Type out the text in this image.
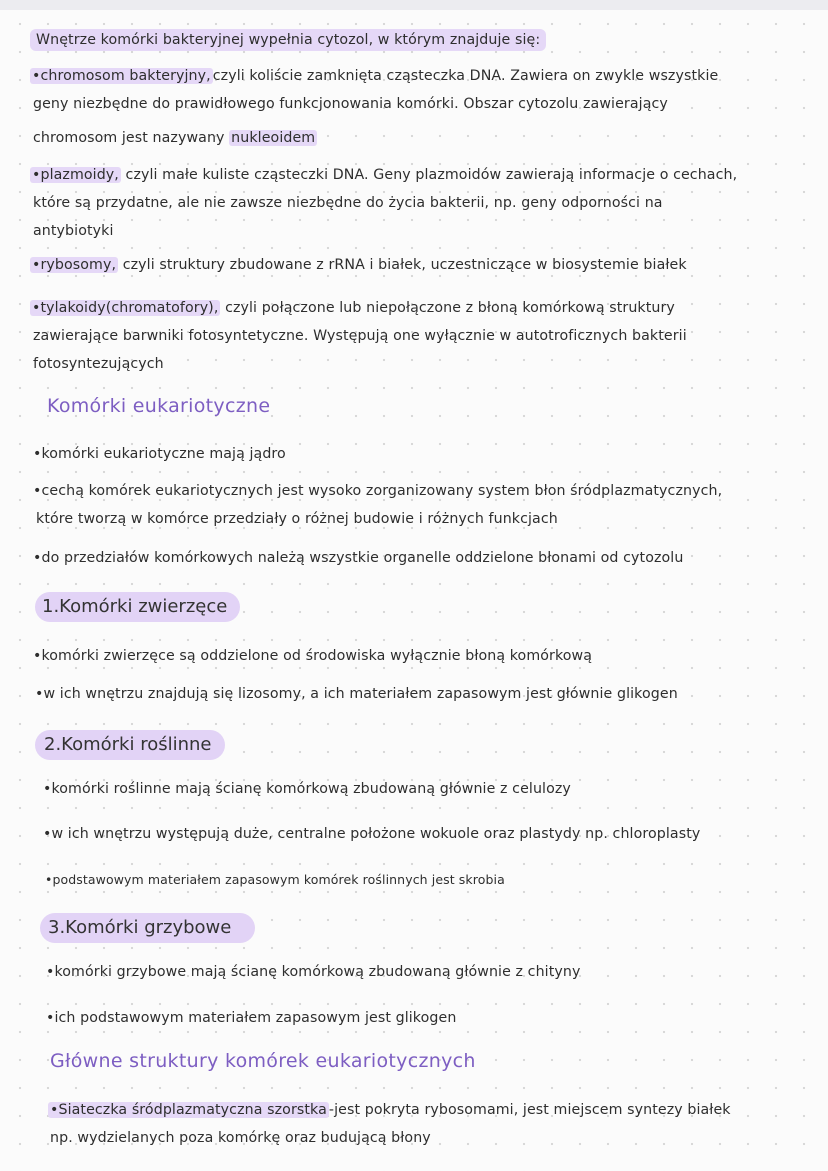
Wnętrze komórki bakteryjnej wypełnia cytozol, w którym znajduje się:
•chromosom bakteryjny, czyli koliście zamknięta cząsteczka DNA. Zawiera on zwykle wszystkie
geny niezbędne do prawidłowego funkcjonowania komórki. Obszar cytozolu zawierający
chromosom jest nazywany nukleoidem
•plazmoidy, czyli małe kuliste cząsteczki DNA. Geny plazmoidów zawierają informacje o cechach,
które są przydatne, ale nie zawsze niezbędne do życia bakterii, np. geny odporności na
antybiotyki
•rybosomy, czyli struktury zbudowane z rRNA i białek, uczestniczące w biosystemie białek
•tylakoidy(chromatofory), czyli połączone lub niepołączone z błoną komórkową struktury
zawierające barwniki fotosyntetyczne. Występują one wyłącznie w autotroficznych bakterii
fotosyntezujących
Komórki eukariotyczne
•komórki eukariotyczne mają jądro
•cechą komórek eukariotycznych jest wysoko zorganizowany system błon śródplazmatycznych,
które tworzą w komórce przedziały o różnej budowie i różnych funkcjach
•do przedziałów komórkowych należą wszystkie organelle oddzielone błonami od cytozolu
1.Komórki zwierzęce
•komórki zwierzęce są oddzielone od środowiska wyłącznie błoną komórkową
•w ich wnętrzu znajdują się lizosomy, a ich materiałem zapasowym jest głównie glikogen
2.Komórki roślinne
•komórki roślinne mają ścianę komórkową zbudowaną głównie z celulozy
•w ich wnętrzu występują duże, centralne położone wokuole oraz plastydy np. chloroplasty
•podstawowym materiałem zapasowym komórek roślinnych jest skrobia
3.Komórki grzybowe
•komórki grzybowe mają ścianę komórkową zbudowaną głównie z chityny
•ich podstawowym materiałem zapasowym jest glikogen
Główne struktury komórek eukariotycznych
•Siateczka śródplazmatyczna szorstka -jest pokryta rybosomami, jest miejscem syntezy białek
np. wydzielanych poza komórkę oraz budującą błony
